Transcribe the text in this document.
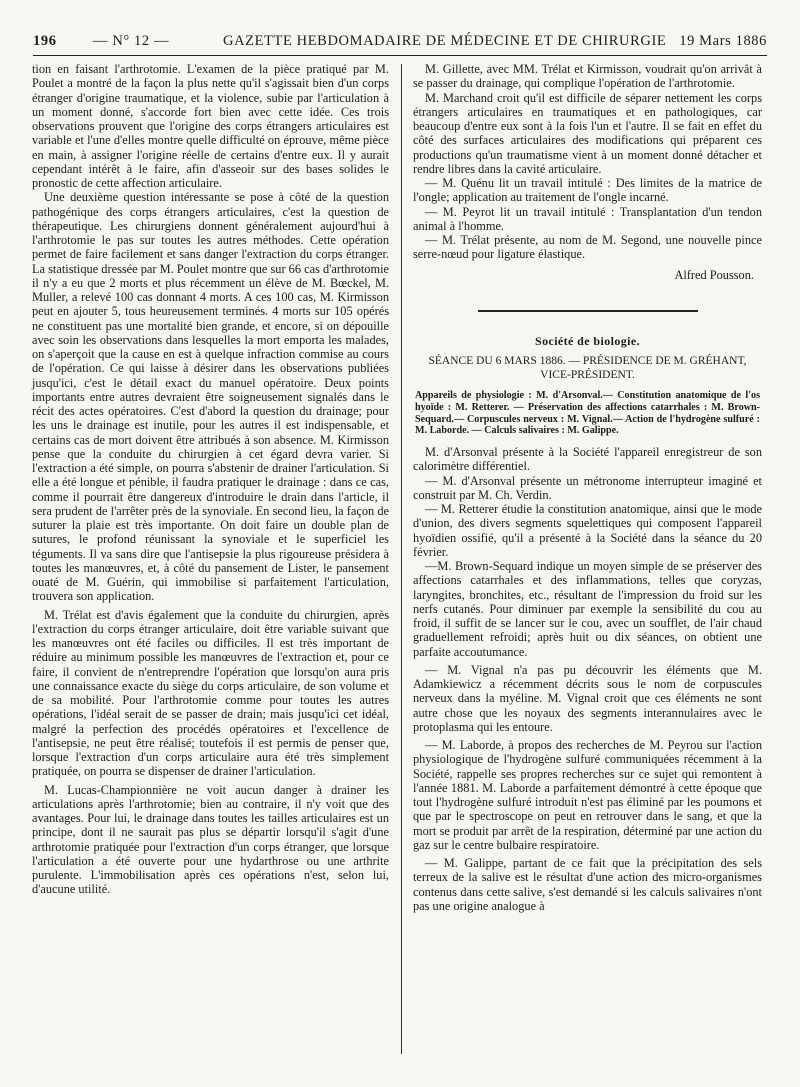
196	— N° 12 —	GAZETTE HEBDOMADAIRE DE MÉDECINE ET DE CHIRURGIE 19 Mars 1886

tion en faisant l'arthrotomie. L'examen de la pièce pratiqué par M. Poulet a montré de la façon la plus nette qu'il s'agissait bien d'un corps étranger d'origine traumatique, et la violence, subie par l'articulation à un moment donné, s'accorde fort bien avec cette idée. Ces trois observations prouvent que l'origine des corps étrangers articulaires est variable et l'une d'elles montre quelle difficulté on éprouve, même pièce en main, à assigner l'origine réelle de certains d'entre eux. Il y aurait cependant intérêt à le faire, afin d'asseoir sur des bases solides le pronostic de cette affection articulaire.

Une deuxième question intéressante se pose à côté de la question pathogénique des corps étrangers articulaires, c'est la question de thérapeutique. Les chirurgiens donnent généralement aujourd'hui à l'arthrotomie le pas sur toutes les autres méthodes. Cette opération permet de faire facilement et sans danger l'extraction du corps étranger. La statistique dressée par M. Poulet montre que sur 66 cas d'arthrotomie il n'y a eu que 2 morts et plus récemment un élève de M. Bœckel, M. Muller, a relevé 100 cas donnant 4 morts. A ces 100 cas, M. Kirmisson peut en ajouter 5, tous heureusement terminés. 4 morts sur 105 opérés ne constituent pas une mortalité bien grande, et encore, si on dépouille avec soin les observations dans lesquelles la mort emporta les malades, on s'aperçoit que la cause en est à quelque infraction commise au cours de l'opération. Ce qui laisse à désirer dans les observations publiées jusqu'ici, c'est le détail exact du manuel opératoire. Deux points importants entre autres devraient être soigneusement signalés dans le récit des actes opératoires. C'est d'abord la question du drainage; pour les uns le drainage est inutile, pour les autres il est indispensable, et certains cas de mort doivent être attribués à son absence. M. Kirmisson pense que la conduite du chirurgien à cet égard devra varier. Si l'extraction a été simple, on pourra s'abstenir de drainer l'articulation. Si elle a été longue et pénible, il faudra pratiquer le drainage : dans ce cas, comme il pourrait être dangereux d'introduire le drain dans l'article, il sera prudent de l'arrêter près de la synoviale. En second lieu, la façon de suturer la plaie est très importante. On doit faire un double plan de sutures, le profond réunissant la synoviale et le superficiel les téguments. Il va sans dire que l'antisepsie la plus rigoureuse présidera à toutes les manœuvres, et, à côté du pansement de Lister, le pansement ouaté de M. Guérin, qui immobilise si parfaitement l'articulation, trouvera son application.

M. Trélat est d'avis également que la conduite du chirurgien, après l'extraction du corps étranger articulaire, doit être variable suivant que les manœuvres ont été faciles ou difficiles. Il est très important de réduire au minimum possible les manœuvres de l'extraction et, pour ce faire, il convient de n'entreprendre l'opération que lorsqu'on aura pris une connaissance exacte du siège du corps articulaire, de son volume et de sa mobilité. Pour l'arthrotomie comme pour toutes les autres opérations, l'idéal serait de se passer de drain; mais jusqu'ici cet idéal, malgré la perfection des procédés opératoires et l'excellence de l'antisepsie, ne peut être réalisé; toutefois il est permis de penser que, lorsque l'extraction d'un corps articulaire aura été très simplement pratiquée, on pourra se dispenser de drainer l'articulation.

M. Lucas-Championnière ne voit aucun danger à drainer les articulations après l'arthrotomie; bien au contraire, il n'y voit que des avantages. Pour lui, le drainage dans toutes les tailles articulaires est un principe, dont il ne saurait pas plus se départir lorsqu'il s'agit d'une arthrotomie pratiquée pour l'extraction d'un corps étranger, que lorsque l'articulation a été ouverte pour une hydarthrose ou une arthrite purulente. L'immobilisation après ces opérations n'est, selon lui, d'aucune utilité.

M. Gillette, avec MM. Trélat et Kirmisson, voudrait qu'on arrivât à se passer du drainage, qui complique l'opération de l'arthrotomie.

M. Marchand croit qu'il est difficile de séparer nettement les corps étrangers articulaires en traumatiques et en pathologiques, car beaucoup d'entre eux sont à la fois l'un et l'autre. Il se fait en effet du côté des surfaces articulaires des modifications qui préparent ces productions qu'un traumatisme vient à un moment donné détacher et rendre libres dans la cavité articulaire.

— M. Quénu lit un travail intitulé : Des limites de la matrice de l'ongle; application au traitement de l'ongle incarné.

— M. Peyrot lit un travail intitulé : Transplantation d'un tendon animal à l'homme.

— M. Trélat présente, au nom de M. Segond, une nouvelle pince serre-nœud pour ligature élastique.

Alfred Pousson.
Société de biologie.
SÉANCE DU 6 MARS 1886. — PRÉSIDENCE DE M. GRÉHANT, VICE-PRÉSIDENT.
Appareils de physiologie : M. d'Arsonval.— Constitution anatomique de l'os hyoïde : M. Retterer. — Préservation des affections catarrhales : M. Brown-Sequard.— Corpuscules nerveux : M. Vignal.— Action de l'hydrogène sulfuré : M. Laborde. — Calculs salivaires : M. Galippe.

M. d'Arsonval présente à la Société l'appareil enregistreur de son calorimètre différentiel.

— M. d'Arsonval présente un métronome interrupteur imaginé et construit par M. Ch. Verdin.

— M. Retterer étudie la constitution anatomique, ainsi que le mode d'union, des divers segments squelettiques qui composent l'appareil hyoïdien ossifié, qu'il a présenté à la Société dans la séance du 20 février.

—M. Brown-Sequard indique un moyen simple de se préserver des affections catarrhales et des inflammations, telles que coryzas, laryngites, bronchites, etc., résultant de l'impression du froid sur les nerfs cutanés. Pour diminuer par exemple la sensibilité du cou au froid, il suffit de se lancer sur le cou, avec un soufflet, de l'air chaud graduellement refroidi; après huit ou dix séances, on obtient une parfaite accoutumance.

— M. Vignal n'a pas pu découvrir les éléments que M. Adamkiewicz a récemment décrits sous le nom de corpuscules nerveux dans la myéline. M. Vignal croit que ces éléments ne sont autre chose que les noyaux des segments interannulaires avec le protoplasma qui les entoure.

— M. Laborde, à propos des recherches de M. Peyrou sur l'action physiologique de l'hydrogène sulfuré communiquées récemment à la Société, rappelle ses propres recherches sur ce sujet qui remontent à l'année 1881. M. Laborde a parfaitement démontré à cette époque que tout l'hydrogène sulfuré introduit n'est pas éliminé par les poumons et que par le spectroscope on peut en retrouver dans le sang, et que la mort se produit par arrêt de la respiration, déterminé par une action du gaz sur le centre bulbaire respiratoire.

— M. Galippe, partant de ce fait que la précipitation des sels terreux de la salive est le résultat d'une action des micro-organismes contenus dans cette salive, s'est demandé si les calculs salivaires n'ont pas une origine analogue à
